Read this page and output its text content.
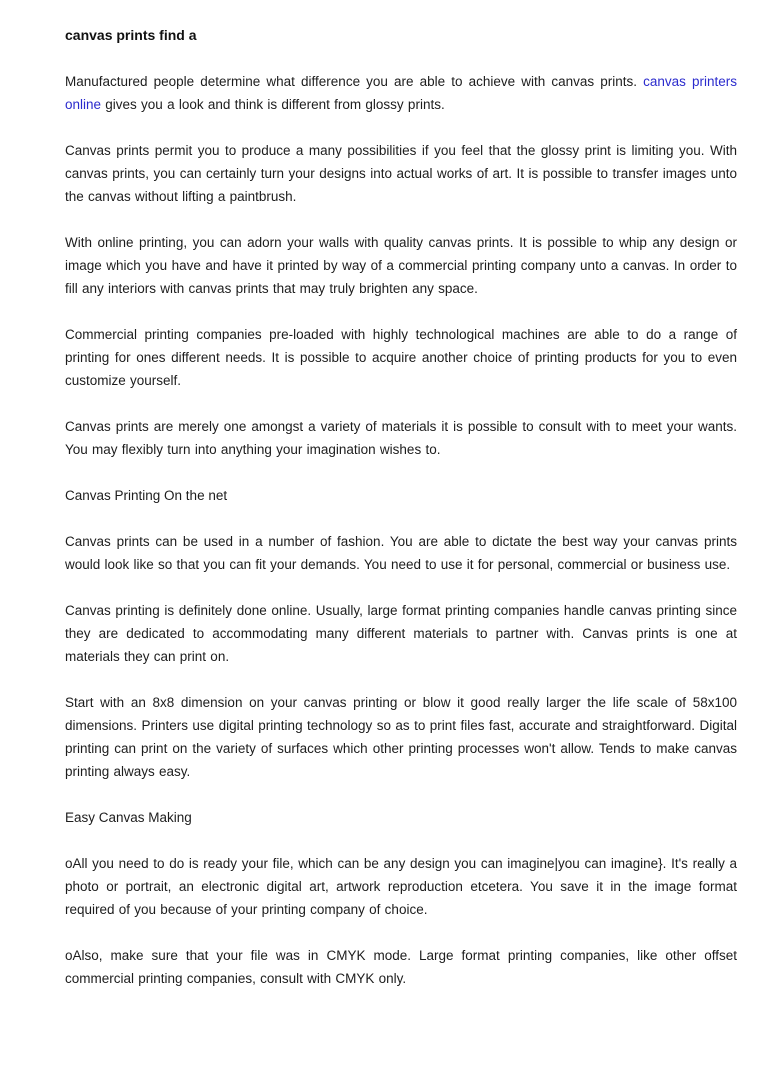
canvas prints find a

Manufactured people determine what difference you are able to achieve with canvas prints. canvas printers online gives you a look and think is different from glossy prints.

Canvas prints permit you to produce a many possibilities if you feel that the glossy print is limiting you. With canvas prints, you can certainly turn your designs into actual works of art. It is possible to transfer images unto the canvas without lifting a paintbrush.

With online printing, you can adorn your walls with quality canvas prints. It is possible to whip any design or image which you have and have it printed by way of a commercial printing company unto a canvas. In order to fill any interiors with canvas prints that may truly brighten any space.

Commercial printing companies pre-loaded with highly technological machines are able to do a range of printing for ones different needs. It is possible to acquire another choice of printing products for you to even customize yourself.

Canvas prints are merely one amongst a variety of materials it is possible to consult with to meet your wants. You may flexibly turn into anything your imagination wishes to.

Canvas Printing On the net

Canvas prints can be used in a number of fashion. You are able to dictate the best way your canvas prints would look like so that you can fit your demands. You need to use it for personal, commercial or business use.

Canvas printing is definitely done online. Usually, large format printing companies handle canvas printing since they are dedicated to accommodating many different materials to partner with. Canvas prints is one at materials they can print on.

Start with an 8x8 dimension on your canvas printing or blow it good really larger the life scale of 58x100 dimensions. Printers use digital printing technology so as to print files fast, accurate and straightforward. Digital printing can print on the variety of surfaces which other printing processes won't allow. Tends to make canvas printing always easy.

Easy Canvas Making

oAll you need to do is ready your file, which can be any design you can imagine|you can imagine}. It's really a photo or portrait, an electronic digital art, artwork reproduction etcetera. You save it in the image format required of you because of your printing company of choice.

oAlso, make sure that your file was in CMYK mode. Large format printing companies, like other offset commercial printing companies, consult with CMYK only.
